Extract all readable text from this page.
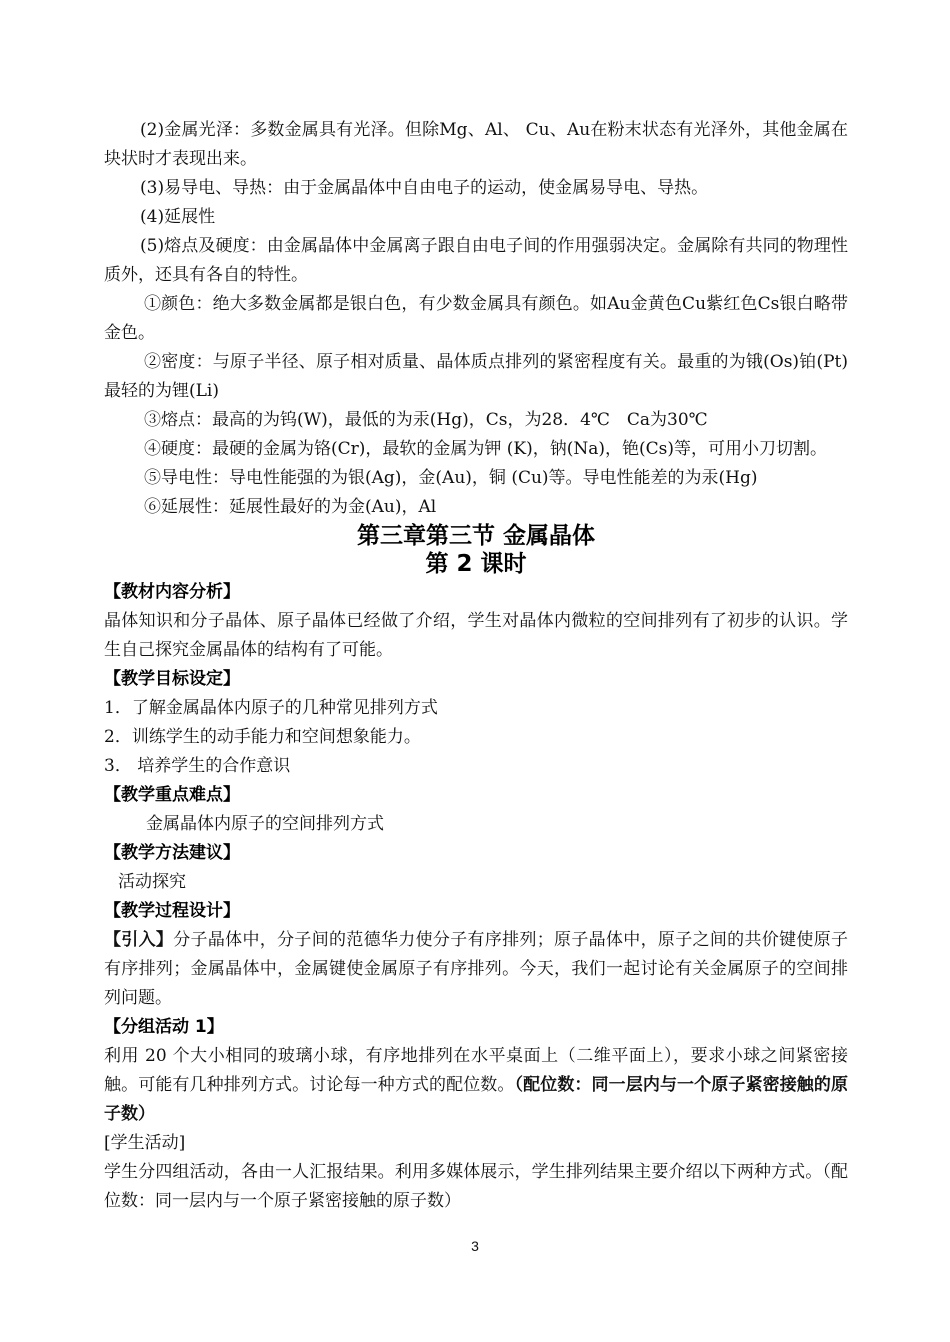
(2)金属光泽：多数金属具有光泽。但除Mg、Al、 Cu、Au在粉末状态有光泽外，其他金属在块状时才表现出来。

(3)易导电、导热：由于金属晶体中自由电子的运动，使金属易导电、导热。

(4)延展性

(5)熔点及硬度：由金属晶体中金属离子跟自由电子间的作用强弱决定。金属除有共同的物理性质外，还具有各自的特性。

①颜色：绝大多数金属都是银白色，有少数金属具有颜色。如Au金黄色Cu紫红色Cs银白略带金色。

②密度：与原子半径、原子相对质量、晶体质点排列的紧密程度有关。最重的为锇(Os)铂(Pt)最轻的为锂(Li)

③熔点：最高的为钨(W)，最低的为汞(Hg)，Cs，为28．4℃　Ca为30℃

④硬度：最硬的金属为铬(Cr)，最软的金属为钾 (K)，钠(Na)，铯(Cs)等，可用小刀切割。

⑤导电性：导电性能强的为银(Ag)，金(Au)，铜 (Cu)等。导电性能差的为汞(Hg)

⑥延展性：延展性最好的为金(Au)，Al

第三章第三节 金属晶体

第 2 课时

【教材内容分析】

晶体知识和分子晶体、原子晶体已经做了介绍，学生对晶体内微粒的空间排列有了初步的认识。学生自己探究金属晶体的结构有了可能。

【教学目标设定】

1．了解金属晶体内原子的几种常见排列方式

2．训练学生的动手能力和空间想象能力。

3． 培养学生的合作意识

【教学重点难点】

金属晶体内原子的空间排列方式

【教学方法建议】

活动探究

【教学过程设计】

【引入】分子晶体中，分子间的范德华力使分子有序排列；原子晶体中，原子之间的共价键使原子有序排列；金属晶体中，金属键使金属原子有序排列。今天，我们一起讨论有关金属原子的空间排列问题。

【分组活动 1】

利用 20 个大小相同的玻璃小球，有序地排列在水平桌面上（二维平面上），要求小球之间紧密接触。可能有几种排列方式。讨论每一种方式的配位数。（配位数：同一层内与一个原子紧密接触的原子数）

[学生活动]

学生分四组活动，各由一人汇报结果。利用多媒体展示，学生排列结果主要介绍以下两种方式。（配位数：同一层内与一个原子紧密接触的原子数）

3
